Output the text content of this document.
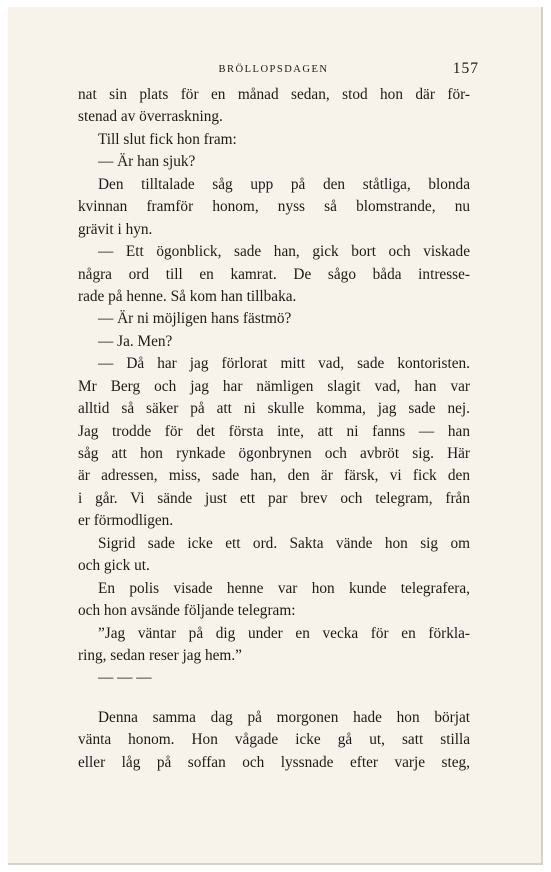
BRÖLLOPSDAGEN	157
nat sin plats för en månad sedan, stod hon där för-
stenad av överraskning.
Till slut fick hon fram:
— Är han sjuk?
Den tilltalade såg upp på den ståtliga, blonda
kvinnan framför honom, nyss så blomstrande, nu
grävit i hyn.
— Ett ögonblick, sade han, gick bort och viskade
några ord till en kamrat. De sågo båda intresse-
rade på henne. Så kom han tillbaka.
— Är ni möjligen hans fästmö?
— Ja. Men?
— Då har jag förlorat mitt vad, sade kontoristen.
Mr Berg och jag har nämligen slagit vad, han var
alltid så säker på att ni skulle komma, jag sade nej.
Jag trodde för det första inte, att ni fanns — han
såg att hon rynkade ögonbrynen och avbröt sig. Här
är adressen, miss, sade han, den är färsk, vi fick den
i går. Vi sände just ett par brev och telegram, från
er förmodligen.
Sigrid sade icke ett ord. Sakta vände hon sig om
och gick ut.
En polis visade henne var hon kunde telegrafera,
och hon avsände följande telegram:
”Jag väntar på dig under en vecka för en förkla-
ring, sedan reser jag hem.”
— — —
Denna samma dag på morgonen hade hon börjat
vänta honom. Hon vågade icke gå ut, satt stilla
eller låg på soffan och lyssnade efter varje steg,
